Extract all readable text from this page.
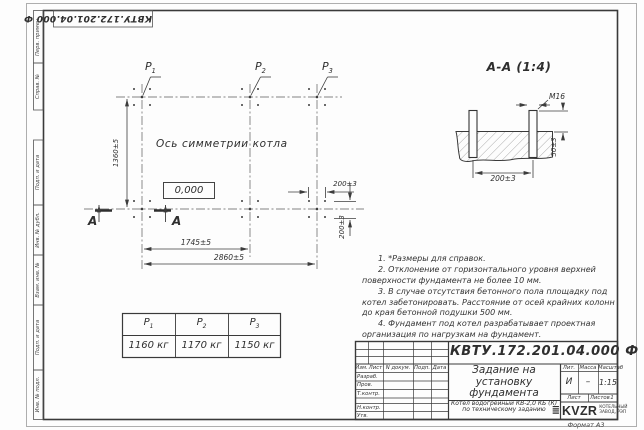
КВТУ.172.201.04.000 Ф
Перв. примен.
Справ. №
Подп. и дата
Инв. № дубл.
Взам. инв. №
Подп. и дата
Инв. № подл.
$P_1$	$P_2$	$P_3$
Ось симметрии котла
0,000
1360±5
1745±5
2860±5
200±3
200±3
А	А
А-А (1:4)
М16
50±3
200±3

1. *Размеры для справок.

2. Отклонение от горизонтального уровня верхней поверхности фундамента не более 10 мм.

3. В случае отсутствия бетонного пола площадку под котел забетонировать. Расстояние от осей крайних колонн до края бетонной подушки 500 мм.

4. Фундамент под котел разрабатывает проектная организация по нагрузкам на фундамент.

$P_1$	$P_2$	$P_3$
1160 кг	1170 кг	1150 кг	КВТУ.172.201.04.000 Ф
Задание на установку фундамента
Котел водогрейный КВ-2,0 КБ (К) по техническому заданию
Изм. Лист N докум. Подп. Дата
Разраб.
Пров.
Т.контр.
Н.контр.
Утв.
Лит. Масса Масштаб
И	–	1:15
Лист	Листов 1
≣ KVZR КОТЕЛЬНЫЙ
ЗАВОД, РЭП
Формат А3
